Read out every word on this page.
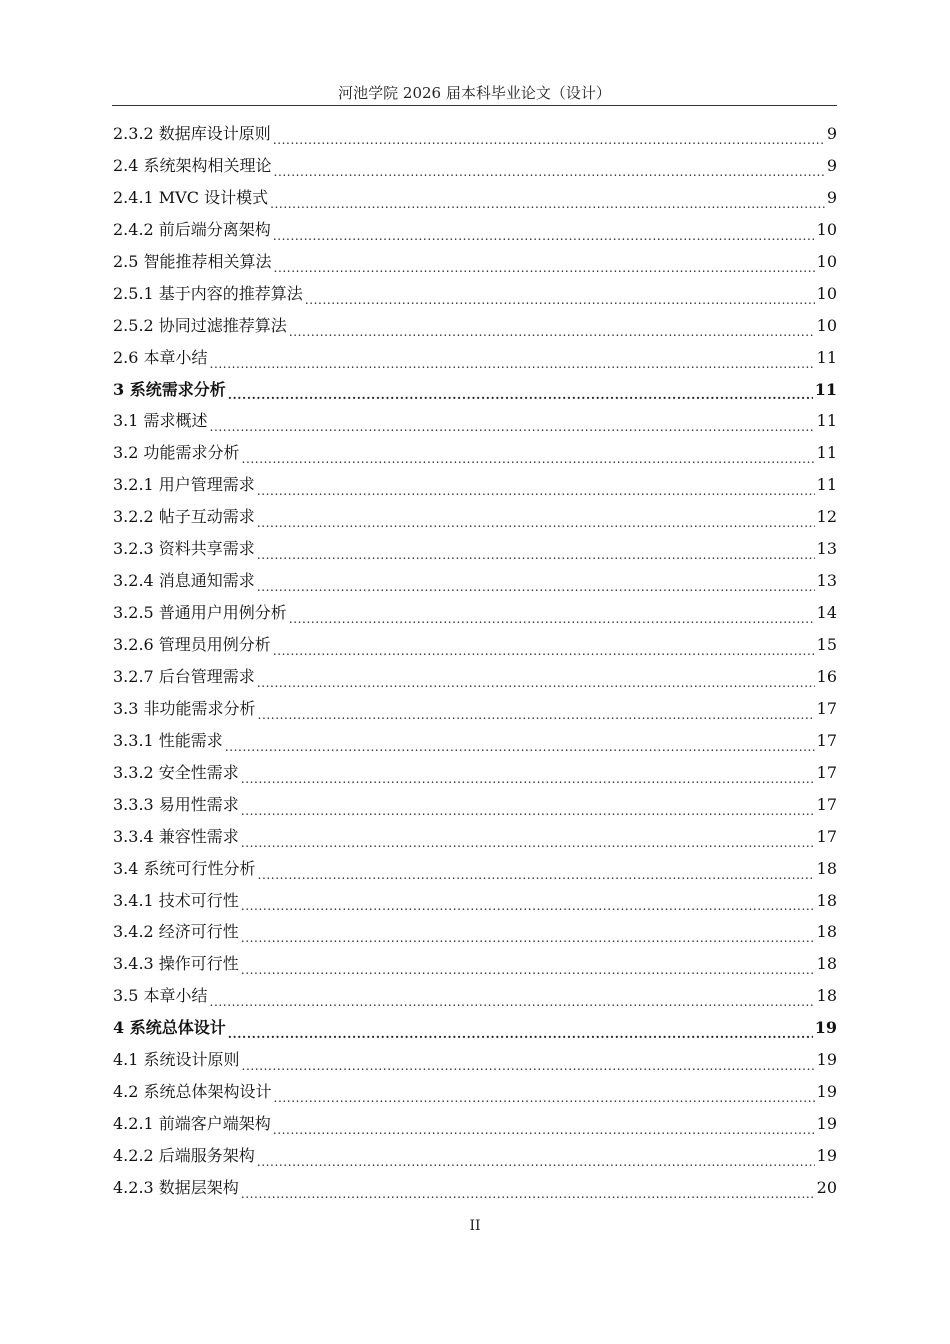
河池学院 2026 届本科毕业论文（设计）
2.3.2 数据库设计原则 .....	9
2.4 系统架构相关理论 .....	9
2.4.1 MVC 设计模式 .....	9
2.4.2 前后端分离架构 .....	10
2.5 智能推荐相关算法 .....	10
2.5.1 基于内容的推荐算法 .....	10
2.5.2 协同过滤推荐算法 .....	10
2.6 本章小结 .....	11
3 系统需求分析 .....	11
3.1 需求概述 .....	11
3.2 功能需求分析 .....	11
3.2.1 用户管理需求 .....	11
3.2.2 帖子互动需求 .....	12
3.2.3 资料共享需求 .....	13
3.2.4 消息通知需求 .....	13
3.2.5 普通用户用例分析 .....	14
3.2.6 管理员用例分析 .....	15
3.2.7 后台管理需求 .....	16
3.3 非功能需求分析 .....	17
3.3.1 性能需求 .....	17
3.3.2 安全性需求 .....	17
3.3.3 易用性需求 .....	17
3.3.4 兼容性需求 .....	17
3.4 系统可行性分析 .....	18
3.4.1 技术可行性 .....	18
3.4.2 经济可行性 .....	18
3.4.3 操作可行性 .....	18
3.5 本章小结 .....	18
4 系统总体设计 .....	19
4.1 系统设计原则 .....	19
4.2 系统总体架构设计 .....	19
4.2.1 前端客户端架构 .....	19
4.2.2 后端服务架构 .....	19
4.2.3 数据层架构 .....	20
II
